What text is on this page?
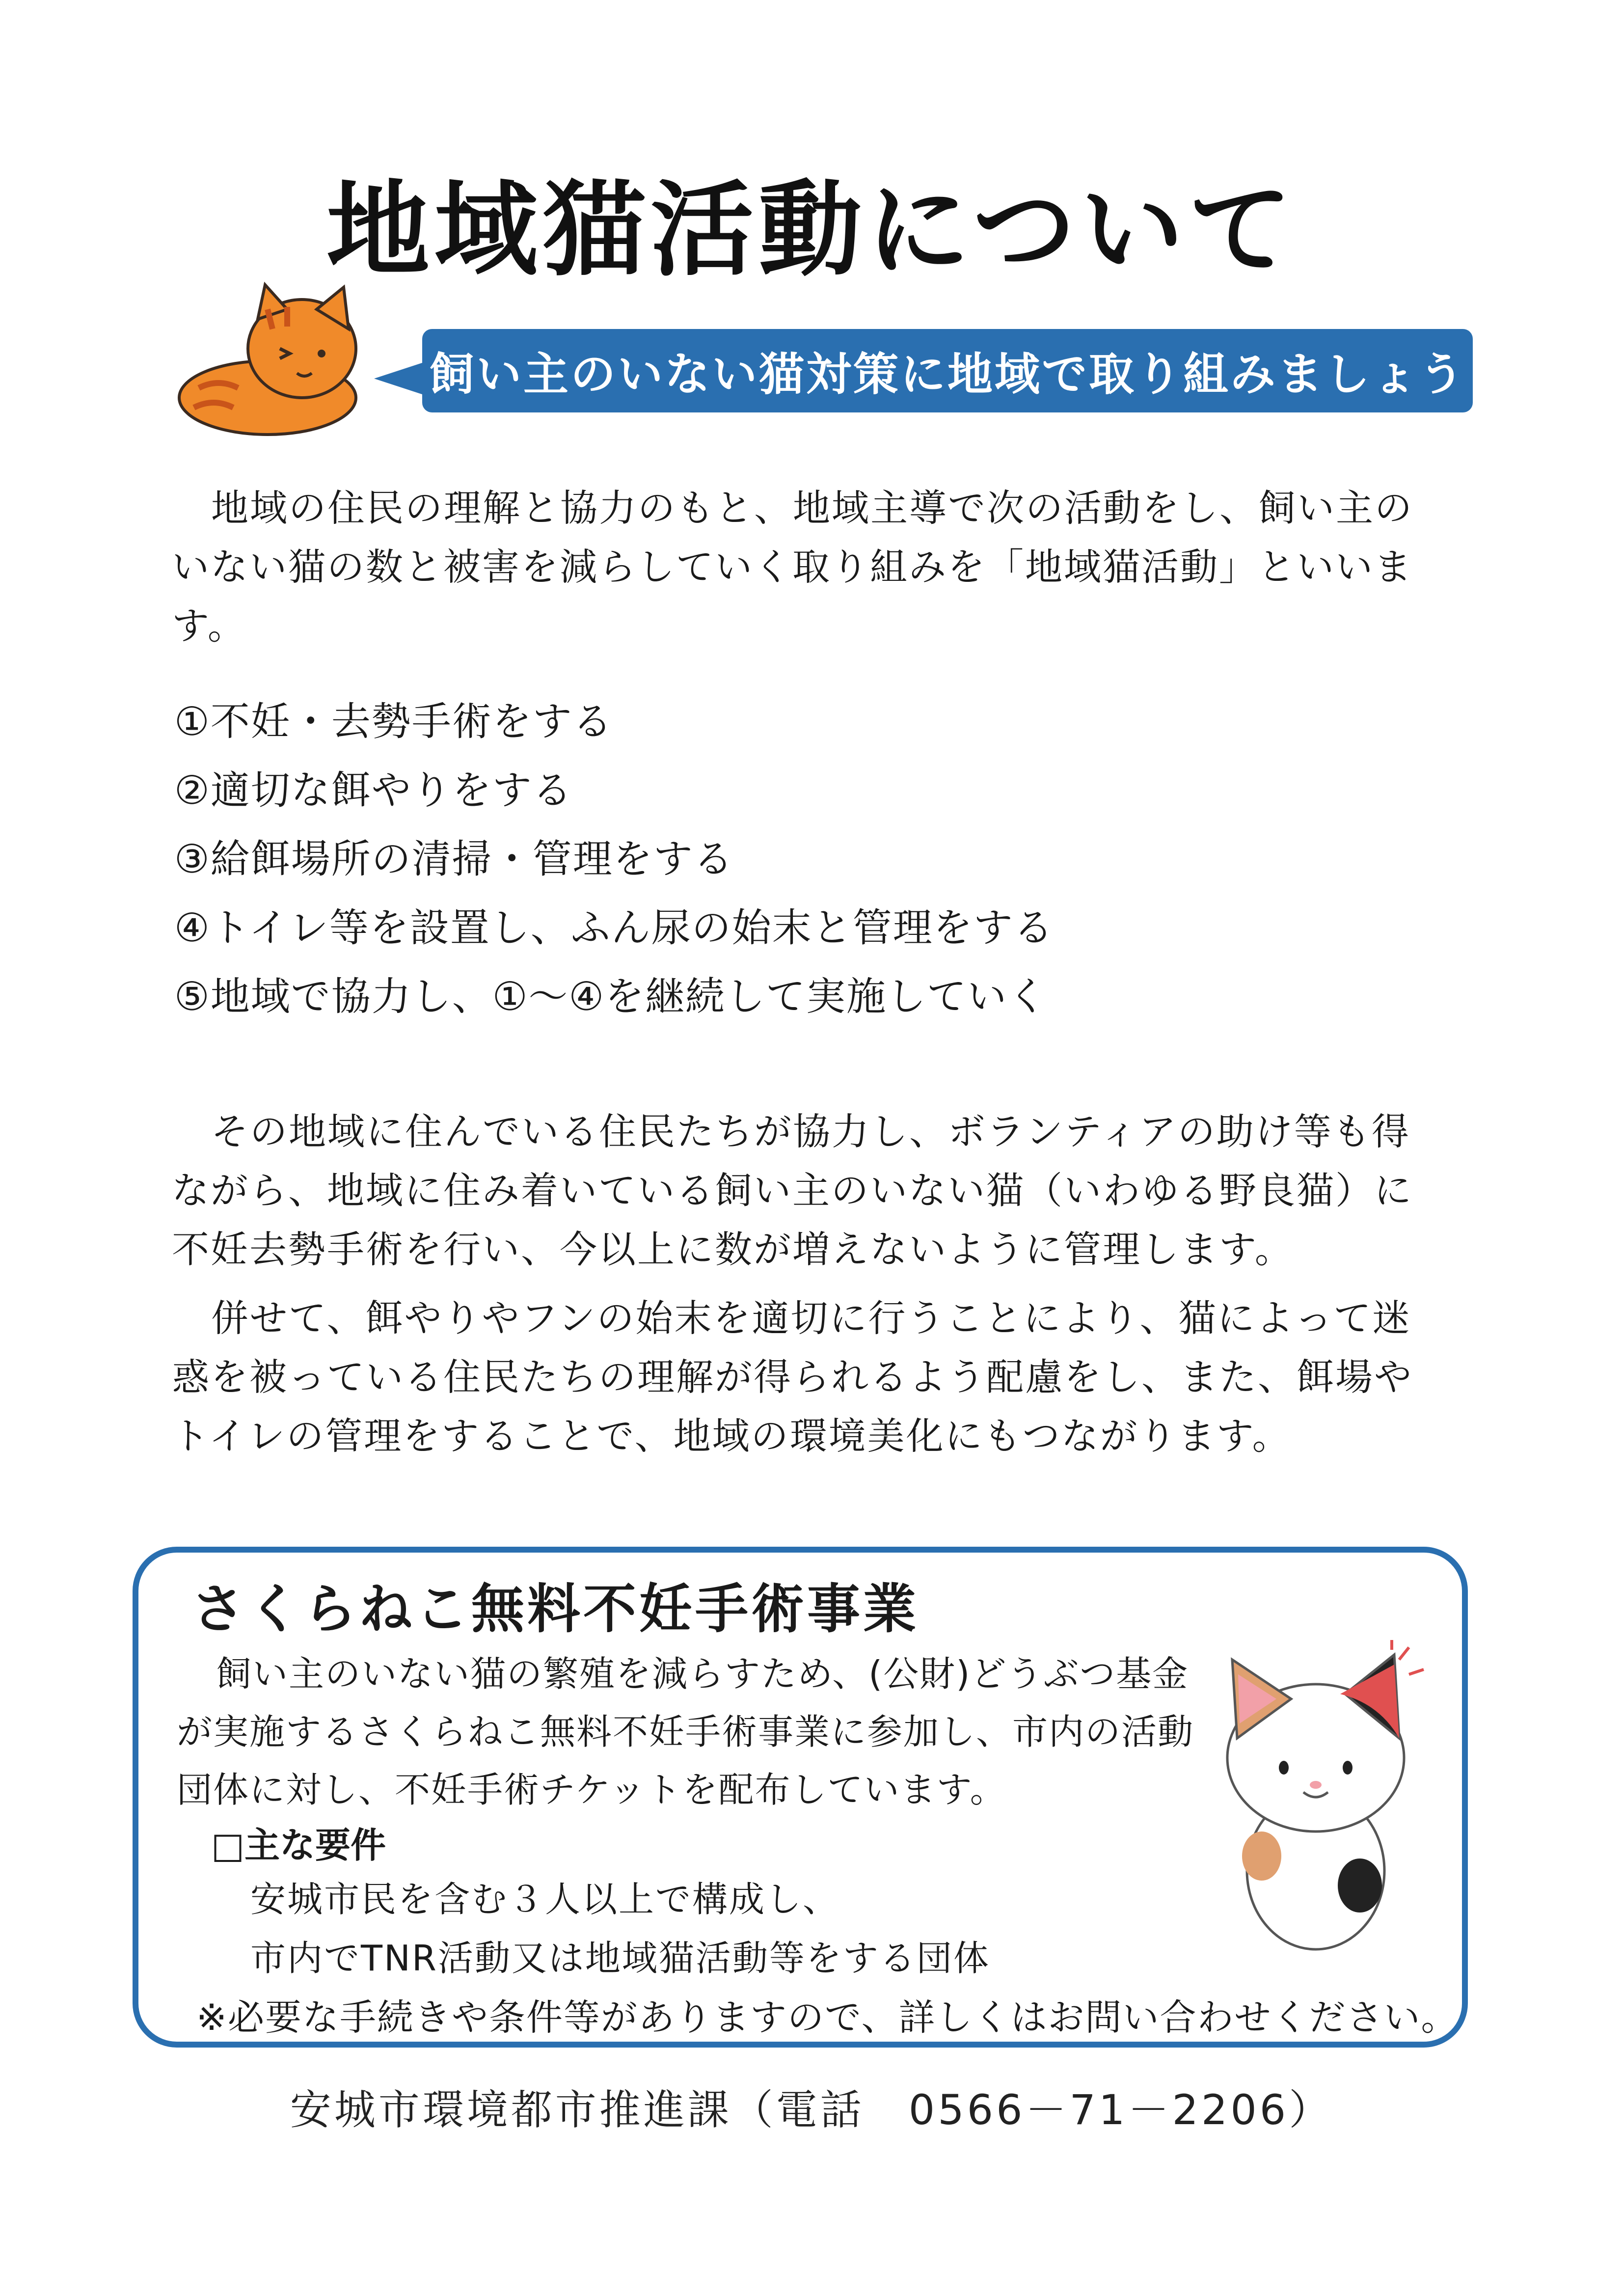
地域猫活動について
飼い主のいない猫対策に地域で取り組みましょう
地域の住民の理解と協力のもと、地域主導で次の活動をし、飼い主のいない猫の数と被害を減らしていく取り組みを「地域猫活動」といいます。
①不妊・去勢手術をする
②適切な餌やりをする
③給餌場所の清掃・管理をする
④トイレ等を設置し、ふん尿の始末と管理をする
⑤地域で協力し、①～④を継続して実施していく
その地域に住んでいる住民たちが協力し、ボランティアの助け等も得ながら、地域に住み着いている飼い主のいない猫（いわゆる野良猫）に不妊去勢手術を行い、今以上に数が増えないように管理します。
併せて、餌やりやフンの始末を適切に行うことにより、猫によって迷惑を被っている住民たちの理解が得られるよう配慮をし、また、餌場やトイレの管理をすることで、地域の環境美化にもつながります。
さくらねこ無料不妊手術事業
飼い主のいない猫の繁殖を減らすため、(公財)どうぶつ基金が実施するさくらねこ無料不妊手術事業に参加し、市内の活動団体に対し、不妊手術チケットを配布しています。
□主な要件
安城市民を含む３人以上で構成し、
市内でTNR活動又は地域猫活動等をする団体
※必要な手続きや条件等がありますので、詳しくはお問い合わせください。
安城市環境都市推進課（電話　0566－71－2206）
